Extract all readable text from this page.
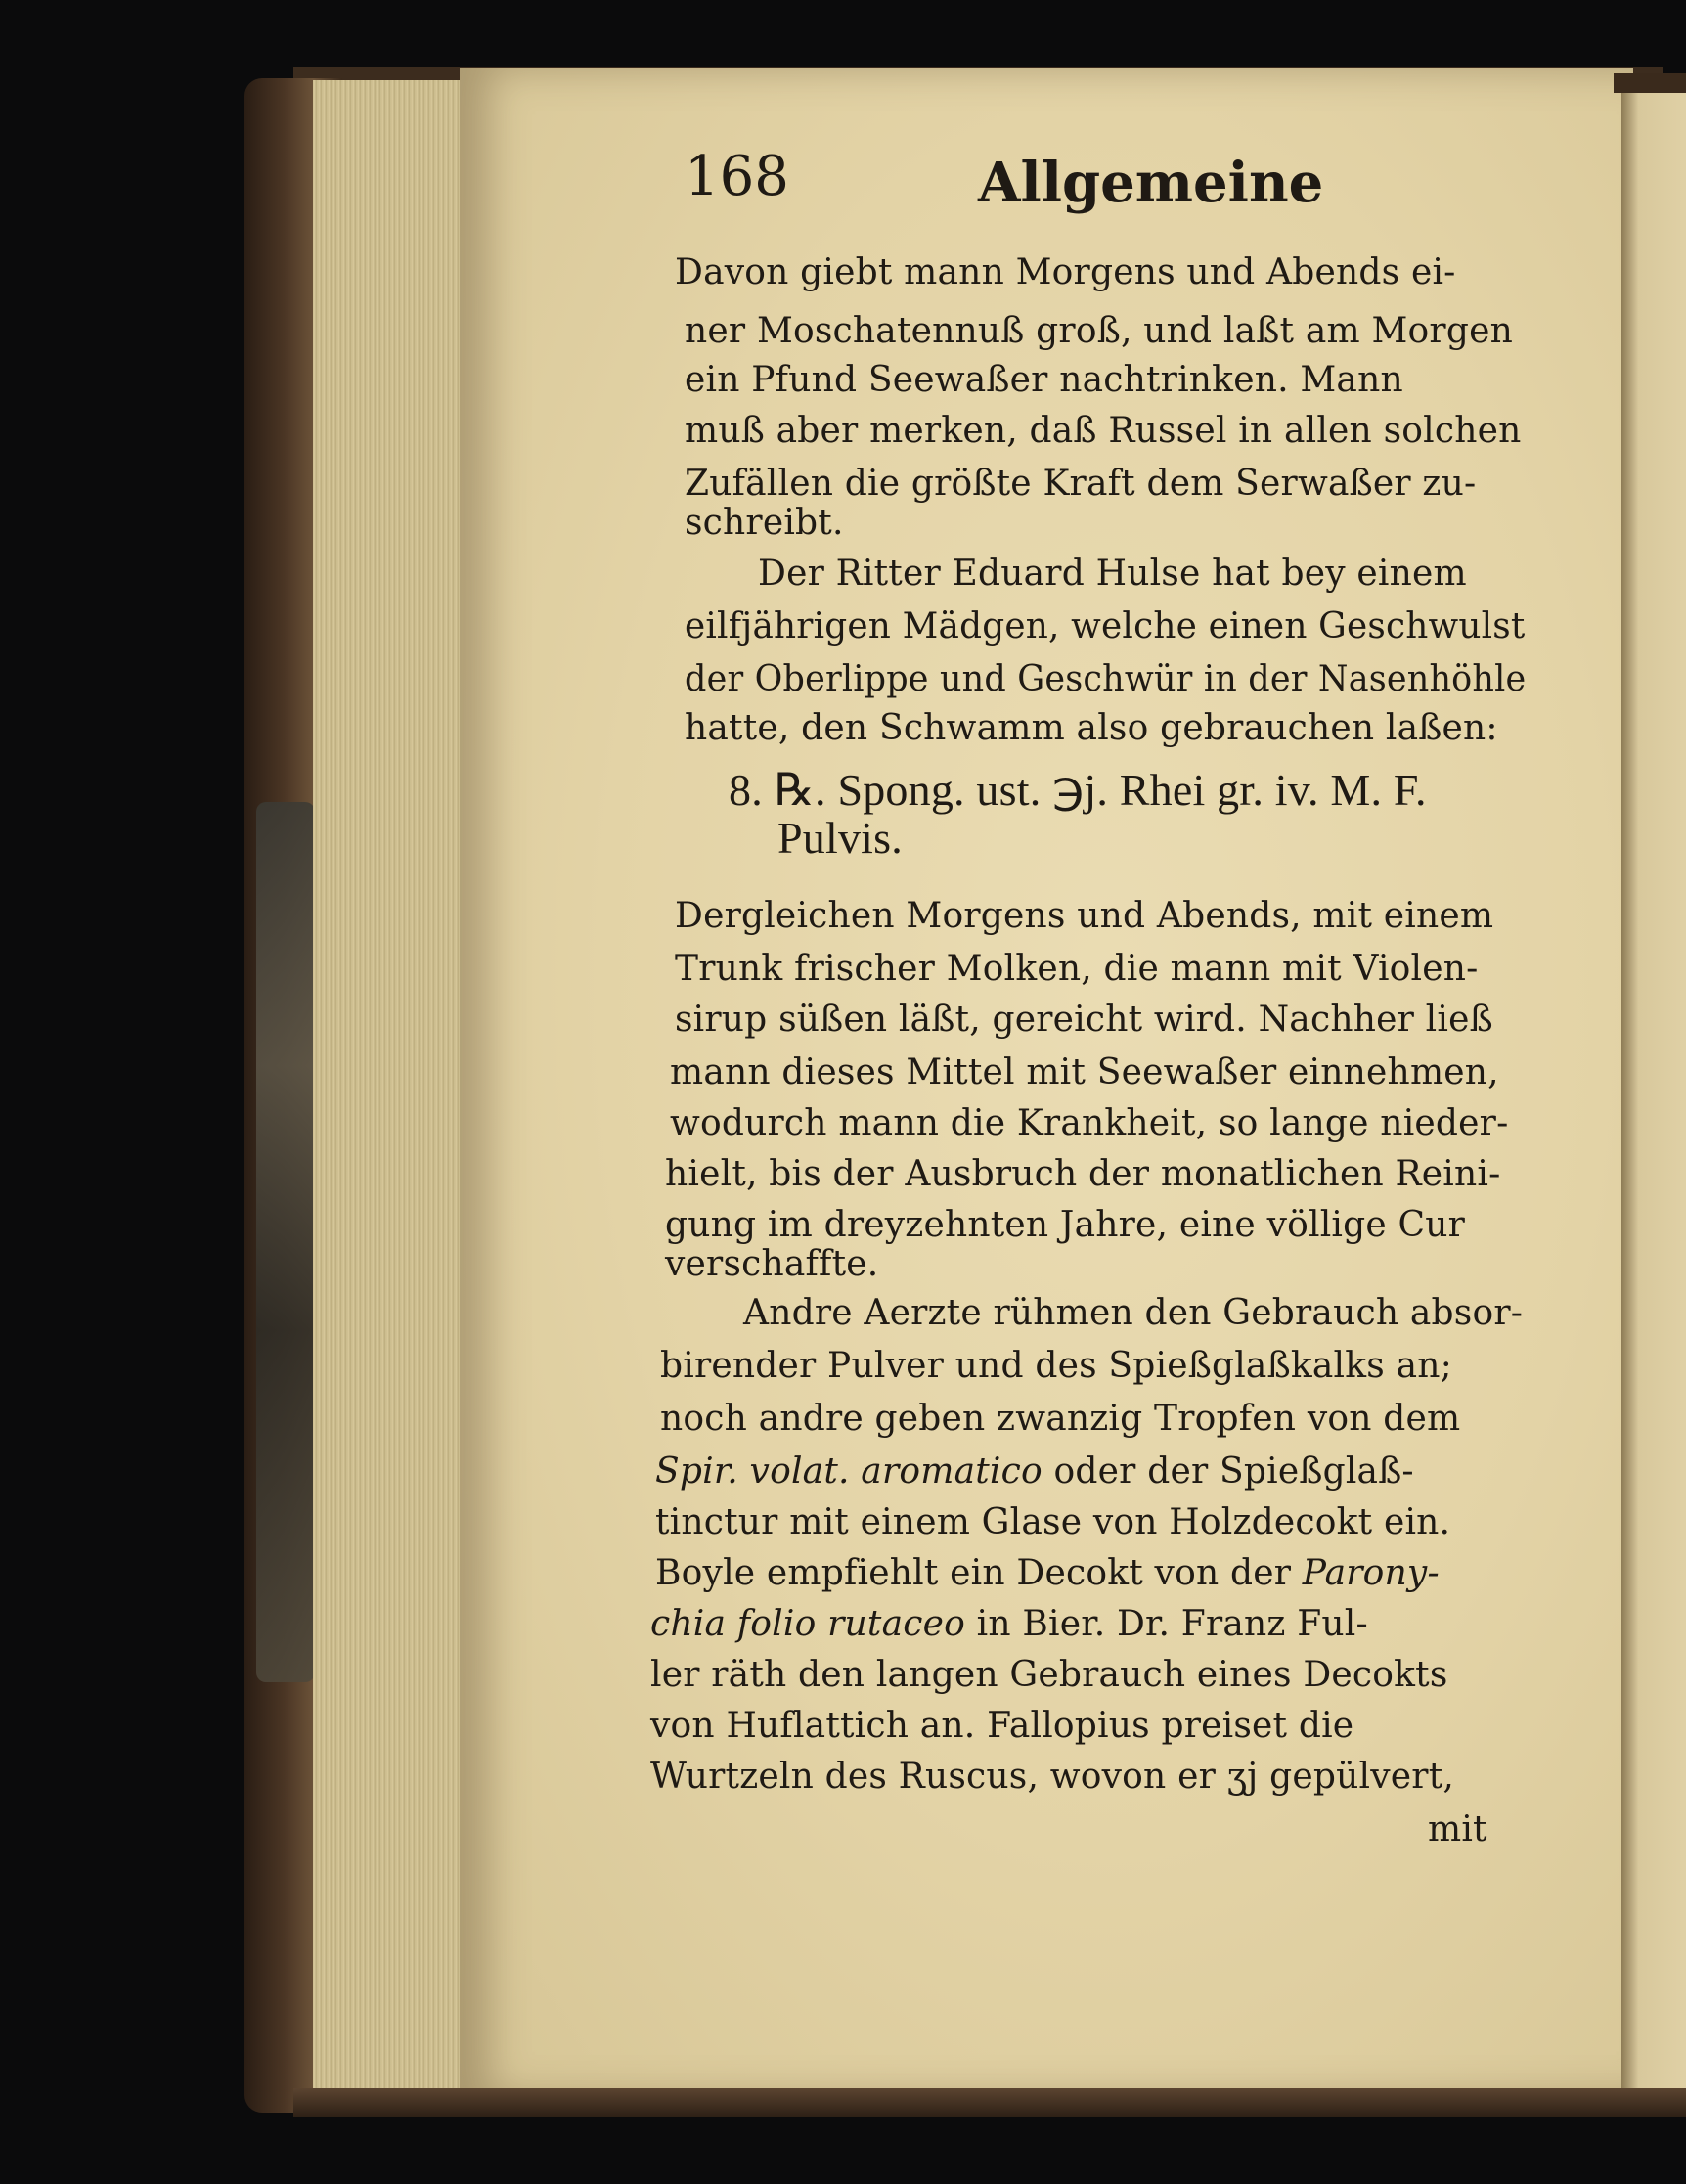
168	Allgemeine
Davon giebt mann Morgens und Abends ei-
ner Moschatennuß groß, und laßt am Morgen
ein Pfund Seewaßer nachtrinken. Mann
muß aber merken, daß Russel in allen solchen
Zufällen die größte Kraft dem Serwaßer zu-
schreibt.
Der Ritter Eduard Hulse hat bey einem
eilfjährigen Mädgen, welche einen Geschwulst
der Oberlippe und Geschwür in der Nasenhöhle
hatte, den Schwamm also gebrauchen laßen:
8. ℞. Spong. ust. ℈j. Rhei gr. iv. M. F.
Pulvis.
Dergleichen Morgens und Abends, mit einem
Trunk frischer Molken, die mann mit Violen-
sirup süßen läßt, gereicht wird. Nachher ließ
mann dieses Mittel mit Seewaßer einnehmen,
wodurch mann die Krankheit, so lange nieder-
hielt, bis der Ausbruch der monatlichen Reini-
gung im dreyzehnten Jahre, eine völlige Cur
verschaffte.
Andre Aerzte rühmen den Gebrauch absor-
birender Pulver und des Spießglaßkalks an;
noch andre geben zwanzig Tropfen von dem
Spir. volat. aromatico oder der Spießglaß-
tinctur mit einem Glase von Holzdecokt ein.
Boyle empfiehlt ein Decokt von der Parony-
chia folio rutaceo in Bier. Dr. Franz Ful-
ler räth den langen Gebrauch eines Decokts
von Huflattich an. Fallopius preiset die
Wurtzeln des Ruscus, wovon er ʒj gepülvert,
mit
